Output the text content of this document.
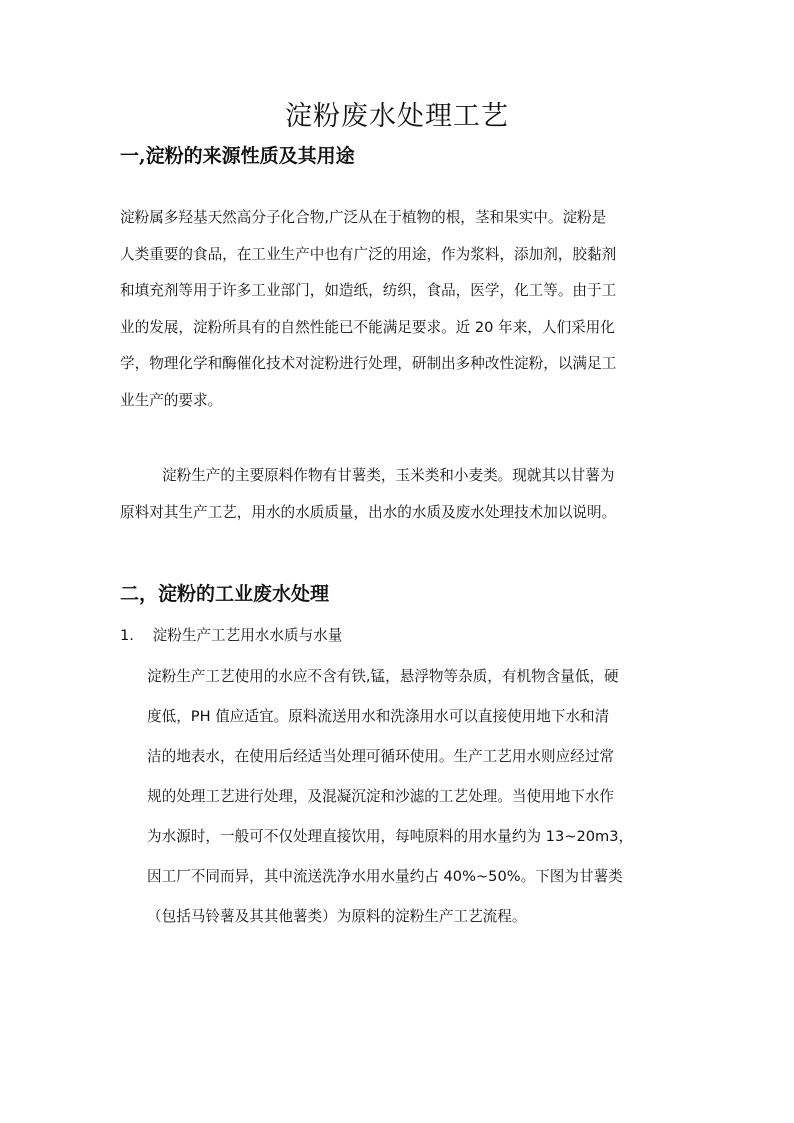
淀粉废水处理工艺
一,淀粉的来源性质及其用途
淀粉属多羟基天然高分子化合物,广泛从在于植物的根，茎和果实中。淀粉是
人类重要的食品，在工业生产中也有广泛的用途，作为浆料，添加剂，胶黏剂
和填充剂等用于许多工业部门，如造纸，纺织，食品，医学，化工等。由于工
业的发展，淀粉所具有的自然性能已不能满足要求。近 20 年来，人们采用化
学，物理化学和酶催化技术对淀粉进行处理，研制出多种改性淀粉，以满足工
业生产的要求。
淀粉生产的主要原料作物有甘薯类，玉米类和小麦类。现就其以甘薯为
原料对其生产工艺，用水的水质质量，出水的水质及废水处理技术加以说明。
二，淀粉的工业废水处理
1. 淀粉生产工艺用水水质与水量
淀粉生产工艺使用的水应不含有铁,锰，悬浮物等杂质，有机物含量低，硬
度低，PH 值应适宜。原料流送用水和洗涤用水可以直接使用地下水和清
洁的地表水，在使用后经适当处理可循环使用。生产工艺用水则应经过常
规的处理工艺进行处理，及混凝沉淀和沙滤的工艺处理。当使用地下水作
为水源时，一般可不仅处理直接饮用，每吨原料的用水量约为 13~20m3，
因工厂不同而异，其中流送洗净水用水量约占 40%~50%。下图为甘薯类
（包括马铃薯及其其他薯类）为原料的淀粉生产工艺流程。
